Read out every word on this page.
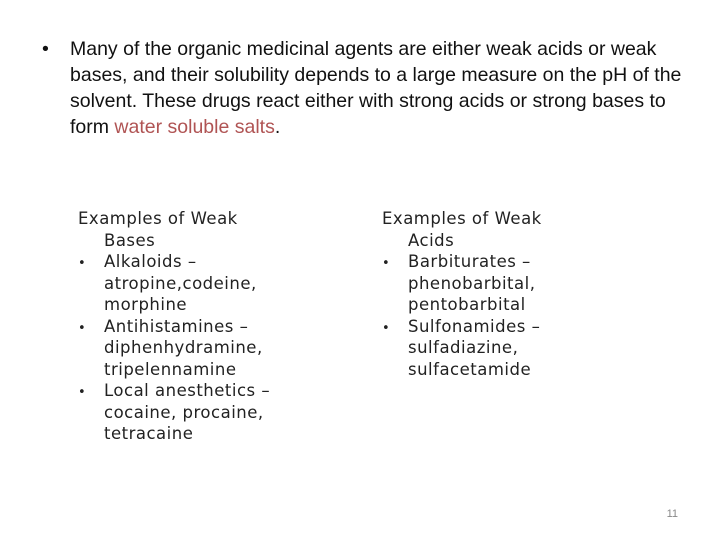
• Many of the organic medicinal agents are either weak acids or weak bases, and their solubility depends to a large measure on the pH of the solvent. These drugs react either with strong acids or strong bases to form water soluble salts.
Examples of Weak
Bases
• Alkaloids –
atropine,codeine,
morphine
• Antihistamines –
diphenhydramine,
tripelennamine
• Local anesthetics –
cocaine, procaine,
tetracaine
Examples of Weak
Acids
• Barbiturates –
phenobarbital,
pentobarbital
• Sulfonamides –
sulfadiazine,
sulfacetamide
11
